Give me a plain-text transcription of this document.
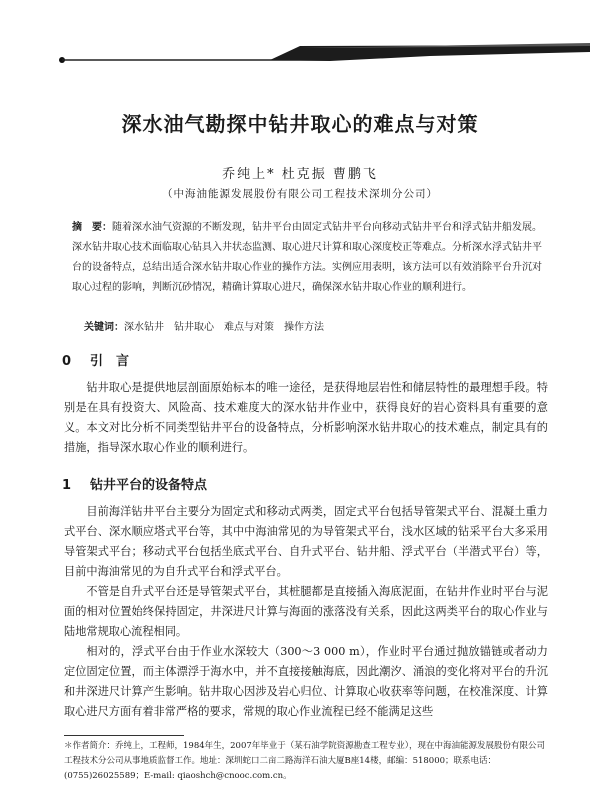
深水油气勘探中钻井取心的难点与对策
乔纯上* 杜克振 曹鹏飞
（中海油能源发展股份有限公司工程技术深圳分公司）
摘　要：随着深水油气资源的不断发现，钻井平台由固定式钻井平台向移动式钻井平台和浮式钻井船发展。深水钻井取心技术面临取心钻具入井状态监测、取心进尺计算和取心深度校正等难点。分析深水浮式钻井平台的设备特点，总结出适合深水钻井取心作业的操作方法。实例应用表明，该方法可以有效消除平台升沉对取心过程的影响，判断沉砂情况，精确计算取心进尺，确保深水钻井取心作业的顺利进行。
关键词：深水钻井　钻井取心　难点与对策　操作方法
0 引　言
钻井取心是提供地层剖面原始标本的唯一途径，是获得地层岩性和储层特性的最理想手段。特别是在具有投资大、风险高、技术难度大的深水钻井作业中，获得良好的岩心资料具有重要的意义。本文对比分析不同类型钻井平台的设备特点，分析影响深水钻井取心的技术难点，制定具有的措施，指导深水取心作业的顺利进行。
1 钻井平台的设备特点
目前海洋钻井平台主要分为固定式和移动式两类，固定式平台包括导管架式平台、混凝土重力式平台、深水顺应塔式平台等，其中中海油常见的为导管架式平台，浅水区域的钻采平台大多采用导管架式平台；移动式平台包括坐底式平台、自升式平台、钻井船、浮式平台（半潜式平台）等，目前中海油常见的为自升式平台和浮式平台。
不管是自升式平台还是导管架式平台，其桩腿都是直接插入海底泥面，在钻井作业时平台与泥面的相对位置始终保持固定，井深进尺计算与海面的涨落没有关系，因此这两类平台的取心作业与陆地常规取心流程相同。
相对的，浮式平台由于作业水深较大（300～3 000 m），作业时平台通过抛放锚链或者动力定位固定位置，而主体漂浮于海水中，并不直接接触海底，因此潮汐、涌浪的变化将对平台的升沉和井深进尺计算产生影响。钻井取心因涉及岩心归位、计算取心收获率等问题，在校准深度、计算取心进尺方面有着非常严格的要求，常规的取心作业流程已经不能满足这些
＊作者简介：乔纯上，工程师，1984年生，2007年毕业于（某石油学院资源勘查工程专业），现在中海油能源发展股份有限公司工程技术分公司从事地质监督工作。地址：深圳蛇口二亩二路海洋石油大厦B座14楼，邮编：518000；联系电话：(0755)26025589；E-mail: qiaoshch@cnooc.com.cn。
